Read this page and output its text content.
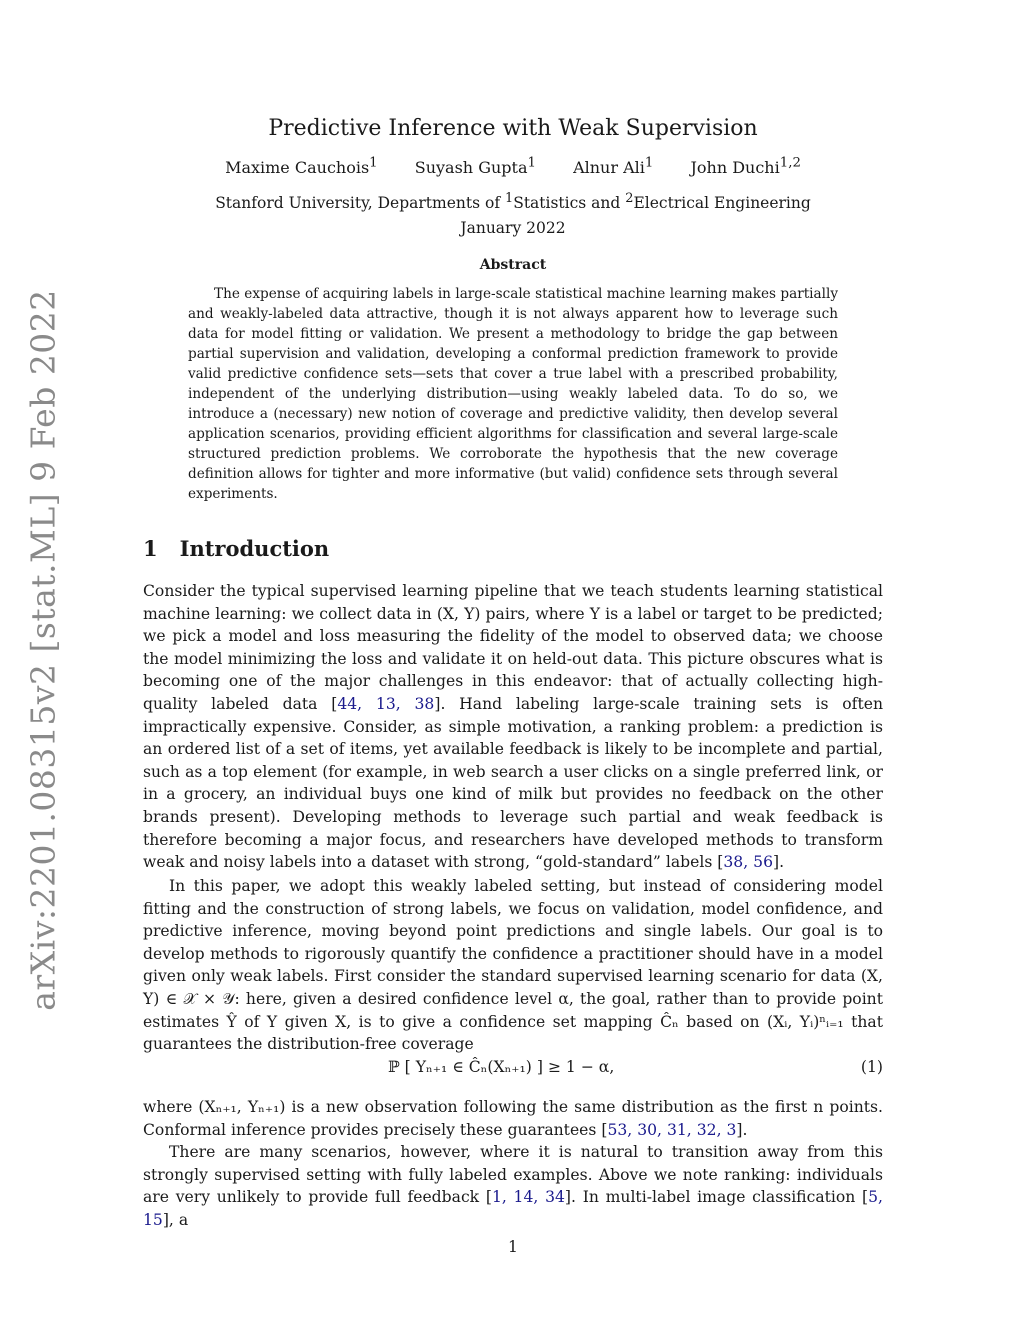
arXiv:2201.08315v2 [stat.ML] 9 Feb 2022
Predictive Inference with Weak Supervision
Maxime Cauchois$^1$ Suyash Gupta$^1$ Alnur Ali$^1$ John Duchi$^{1,2}$
Stanford University, Departments of $^1$Statistics and $^2$Electrical Engineering
January 2022
Abstract
The expense of acquiring labels in large-scale statistical machine learning makes partially and weakly-labeled data attractive, though it is not always apparent how to leverage such data for model fitting or validation. We present a methodology to bridge the gap between partial supervision and validation, developing a conformal prediction framework to provide valid predictive confidence sets—sets that cover a true label with a prescribed probability, independent of the underlying distribution—using weakly labeled data. To do so, we introduce a (necessary) new notion of coverage and predictive validity, then develop several application scenarios, providing efficient algorithms for classification and several large-scale structured prediction problems. We corroborate the hypothesis that the new coverage definition allows for tighter and more informative (but valid) confidence sets through several experiments.
1 Introduction
Consider the typical supervised learning pipeline that we teach students learning statistical machine learning: we collect data in (X, Y) pairs, where Y is a label or target to be predicted; we pick a model and loss measuring the fidelity of the model to observed data; we choose the model minimizing the loss and validate it on held-out data. This picture obscures what is becoming one of the major challenges in this endeavor: that of actually collecting high-quality labeled data [44, 13, 38]. Hand labeling large-scale training sets is often impractically expensive. Consider, as simple motivation, a ranking problem: a prediction is an ordered list of a set of items, yet available feedback is likely to be incomplete and partial, such as a top element (for example, in web search a user clicks on a single preferred link, or in a grocery, an individual buys one kind of milk but provides no feedback on the other brands present). Developing methods to leverage such partial and weak feedback is therefore becoming a major focus, and researchers have developed methods to transform weak and noisy labels into a dataset with strong, “gold-standard” labels [38, 56].
In this paper, we adopt this weakly labeled setting, but instead of considering model fitting and the construction of strong labels, we focus on validation, model confidence, and predictive inference, moving beyond point predictions and single labels. Our goal is to develop methods to rigorously quantify the confidence a practitioner should have in a model given only weak labels. First consider the standard supervised learning scenario for data (X, Y) ∈ 𝒳 × 𝒴: here, given a desired confidence level α, the goal, rather than to provide point estimates Ŷ of Y given X, is to give a confidence set mapping Ĉₙ based on (Xᵢ, Yᵢ)ⁿᵢ₌₁ that guarantees the distribution-free coverage
ℙ [ Yₙ₊₁ ∈ Ĉₙ(Xₙ₊₁) ] ≥ 1 − α,	(1)
where (Xₙ₊₁, Yₙ₊₁) is a new observation following the same distribution as the first n points. Conformal inference provides precisely these guarantees [53, 30, 31, 32, 3].
There are many scenarios, however, where it is natural to transition away from this strongly supervised setting with fully labeled examples. Above we note ranking: individuals are very unlikely to provide full feedback [1, 14, 34]. In multi-label image classification [5, 15], a
1
